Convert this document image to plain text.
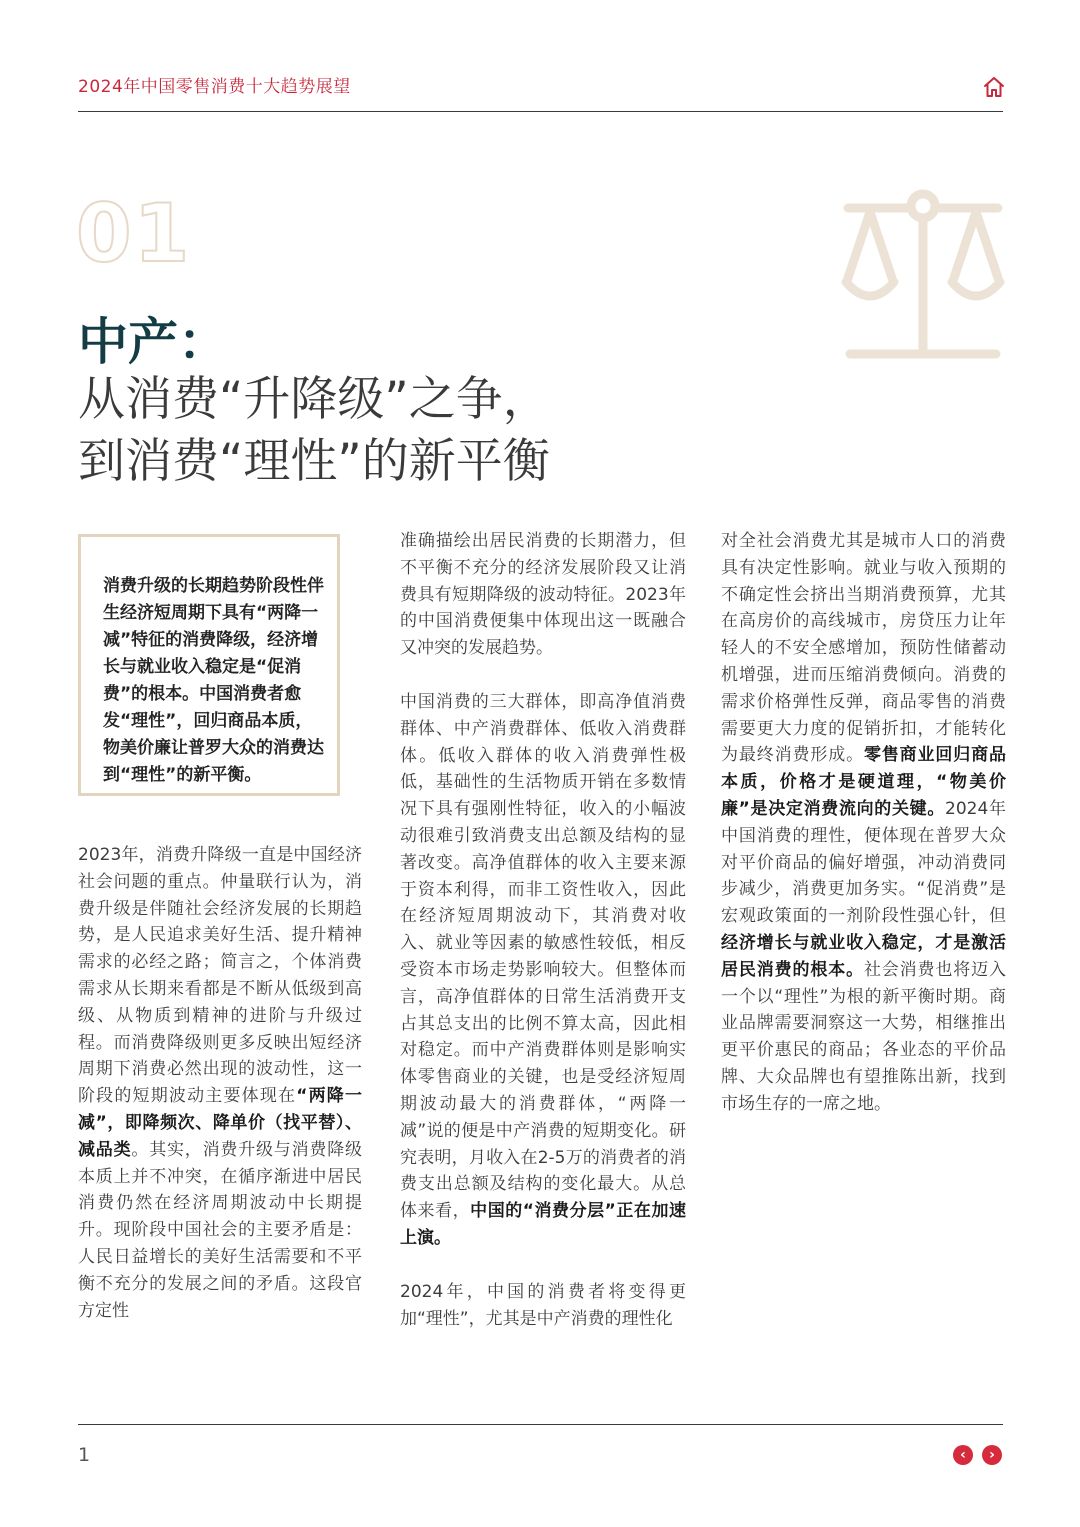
2024年中国零售消费十大趋势展望
01
中产：
从消费“升降级”之争，
到消费“理性”的新平衡

消费升级的长期趋势阶段性伴生经济短周期下具有“两降一减”特征的消费降级，经济增长与就业收入稳定是“促消费”的根本。中国消费者愈发“理性”，回归商品本质，物美价廉让普罗大众的消费达到“理性”的新平衡。

2023年，消费升降级一直是中国经济社会问题的重点。仲量联行认为，消费升级是伴随社会经济发展的长期趋势，是人民追求美好生活、提升精神需求的必经之路；简言之，个体消费需求从长期来看都是不断从低级到高级、从物质到精神的进阶与升级过程。而消费降级则更多反映出短经济周期下消费必然出现的波动性，这一阶段的短期波动主要体现在“两降一减”，即降频次、降单价（找平替）、减品类。其实，消费升级与消费降级本质上并不冲突，在循序渐进中居民消费仍然在经济周期波动中长期提升。现阶段中国社会的主要矛盾是：人民日益增长的美好生活需要和不平衡不充分的发展之间的矛盾。这段官方定性

准确描绘出居民消费的长期潜力，但不平衡不充分的经济发展阶段又让消费具有短期降级的波动特征。2023年的中国消费便集中体现出这一既融合又冲突的发展趋势。

中国消费的三大群体，即高净值消费群体、中产消费群体、低收入消费群体。低收入群体的收入消费弹性极低，基础性的生活物质开销在多数情况下具有强刚性特征，收入的小幅波动很难引致消费支出总额及结构的显著改变。高净值群体的收入主要来源于资本利得，而非工资性收入，因此在经济短周期波动下，其消费对收入、就业等因素的敏感性较低，相反受资本市场走势影响较大。但整体而言，高净值群体的日常生活消费开支占其总支出的比例不算太高，因此相对稳定。而中产消费群体则是影响实体零售商业的关键，也是受经济短周期波动最大的消费群体，“两降一减”说的便是中产消费的短期变化。研究表明，月收入在2-5万的消费者的消费支出总额及结构的变化最大。从总体来看，中国的“消费分层”正在加速上演。

2024年，中国的消费者将变得更加“理性”，尤其是中产消费的理性化

对全社会消费尤其是城市人口的消费具有决定性影响。就业与收入预期的不确定性会挤出当期消费预算，尤其在高房价的高线城市，房贷压力让年轻人的不安全感增加，预防性储蓄动机增强，进而压缩消费倾向。消费的需求价格弹性反弹，商品零售的消费需要更大力度的促销折扣，才能转化为最终消费形成。零售商业回归商品本质，价格才是硬道理，“物美价廉”是决定消费流向的关键。2024年中国消费的理性，便体现在普罗大众对平价商品的偏好增强，冲动消费同步减少，消费更加务实。“促消费”是宏观政策面的一剂阶段性强心针，但经济增长与就业收入稳定，才是激活居民消费的根本。社会消费也将迈入一个以“理性”为根的新平衡时期。商业品牌需要洞察这一大势，相继推出更平价惠民的商品；各业态的平价品牌、大众品牌也有望推陈出新，找到市场生存的一席之地。

1	‹	›
